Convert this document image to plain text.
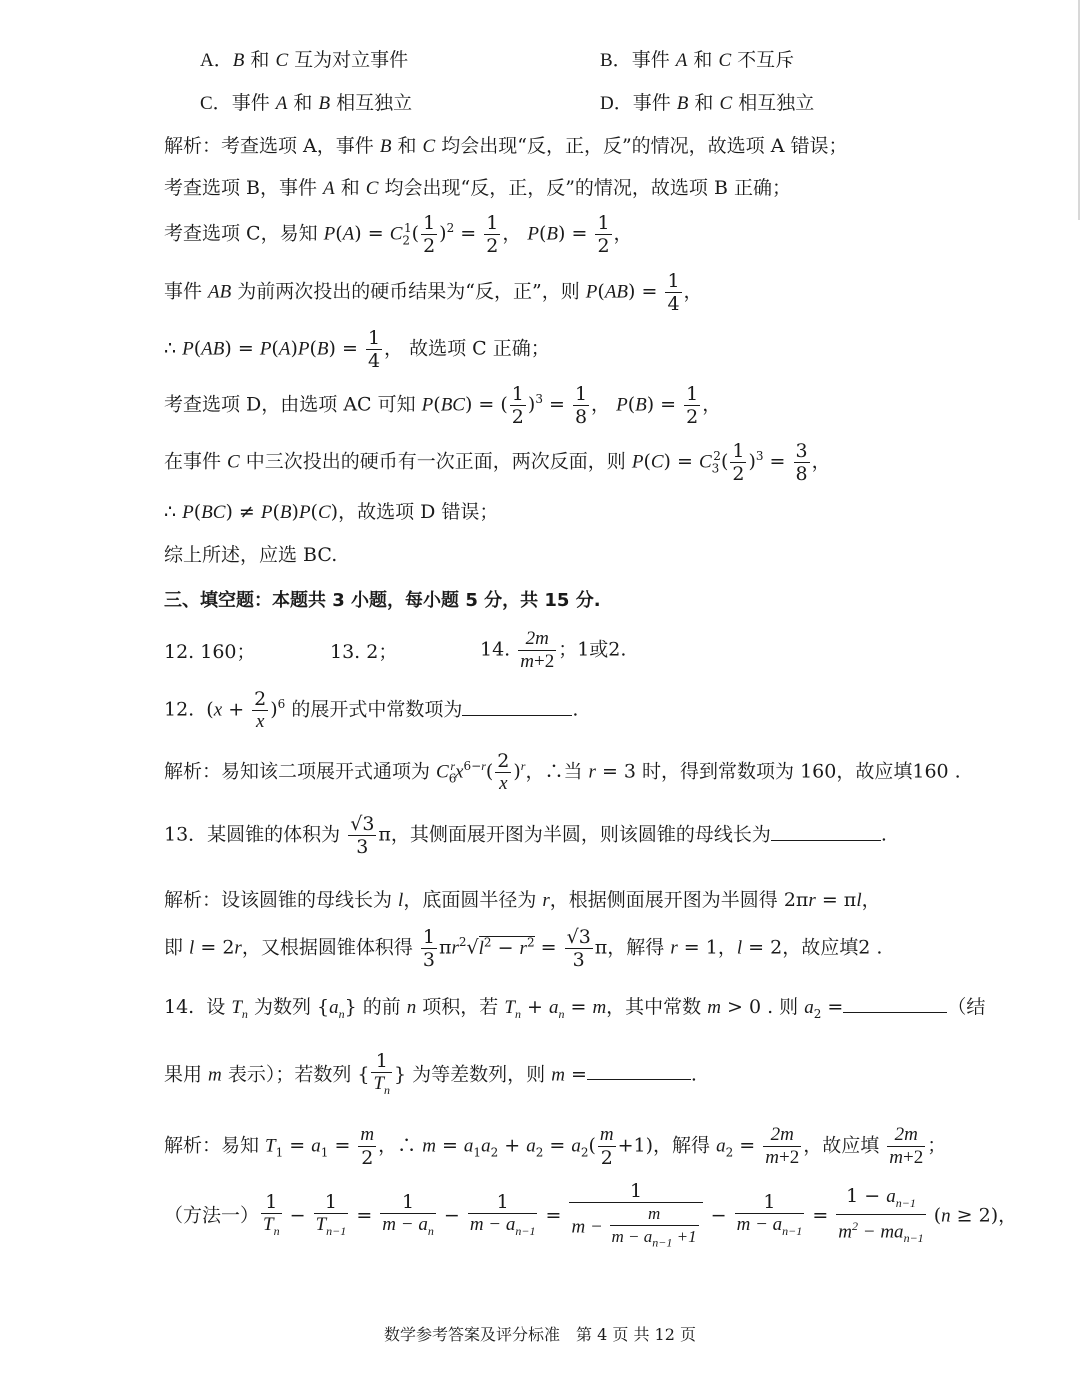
A．B 和 C 互为对立事件	B．事件 A 和 C 不互斥
C．事件 A 和 B 相互独立	D．事件 B 和 C 相互独立
解析：考查选项 A，事件 B 和 C 均会出现“反，正，反”的情况，故选项 A 错误；
考查选项 B，事件 A 和 C 均会出现“反，正，反”的情况，故选项 B 正确；
考查选项 C，易知 $P(A) = C_2^1( \frac{1}{2} )^2 = \frac{1}{2}$ ， $P(B) = \frac{1}{2}$ ，
事件 AB 为前两次投出的硬币结果为“反，正”，则 $P(AB) = \frac{1}{4}$ ，
∴ $P(AB) = P(A)P(B) = \frac{1}{4}$ ， 故选项 C 正确；
考查选项 D，由选项 AC 可知 P(BC) = ( $\frac{1}{2} )^3 = \frac{1}{8}$ ， $P(B) = \frac{1}{2}$ ，
在事件 C 中三次投出的硬币有一次正面，两次反面，则 $P(C) = C_3^2( \frac{1}{2} )^3 = \frac{3}{8}$ ，
∴ P(BC) ≠ P(B)P(C)，故选项 D 错误；
综上所述，应选 BC.
三、填空题：本题共 3 小题，每小题 5 分，共 15 分.
12. 160；	13. 2；	14. $\frac{2m}{m+2}$ ；1或2.
12.  $(x + \frac{2}{x} )^6$ 的展开式中常数项为	.
解析：易知该二项展开式通项为 $C_6^rx^{6-r}( \frac{2}{x} )^r$，∴当 r = 3 时，得到常数项为 160，故应填160 .
13．某圆锥的体积为 $\frac{√3}{3}$ π，其侧面展开图为半圆，则该圆锥的母线长为	.
解析：设该圆锥的母线长为 l，底面圆半径为 r，根据侧面展开图为半圆得 2πr = πl，
即 l = 2r，又根据圆锥体积得 $\frac{1}{3} \pi r^2√l^2 - r^2 = \frac{√3}{3}$ π，解得 r = 1，l = 2，故应填2 .
14.  设 $T_n$ 为数列 $\{a_n\}$ 的前 n 项积，若 $T_n + a_n = m$，其中常数 m > 0 . 则 $a_2$ =	（结
果用 m 表示）；若数列 { $\frac{1}{T_n}$ } 为等差数列，则 m =	.
解析：易知 $T_1 = a_1 = \frac{m}{2}$ ，∴ $m = a_1a_2 + a_2 = a_2( \frac{m}{2} +1)$，解得 $a_2 = \frac{2m}{m+2}$ ，故应填 $\frac{2m}{m+2}$ ；
（方法一） $\frac{1}{T_n} - \frac{1}{T_{n-1}} = \frac{1}{m - a_n} - \frac{1}{m - a_{n-1}} = \frac{1}{m - \frac{m}{m - a_{n-1} +1}} - \frac{1}{m - a_{n-1}} = \frac{1 - a_{n-1}}{m^2 - ma_{n-1}} (n \ge 2)$，
数学参考答案及评分标准　第 4 页 共 12 页
